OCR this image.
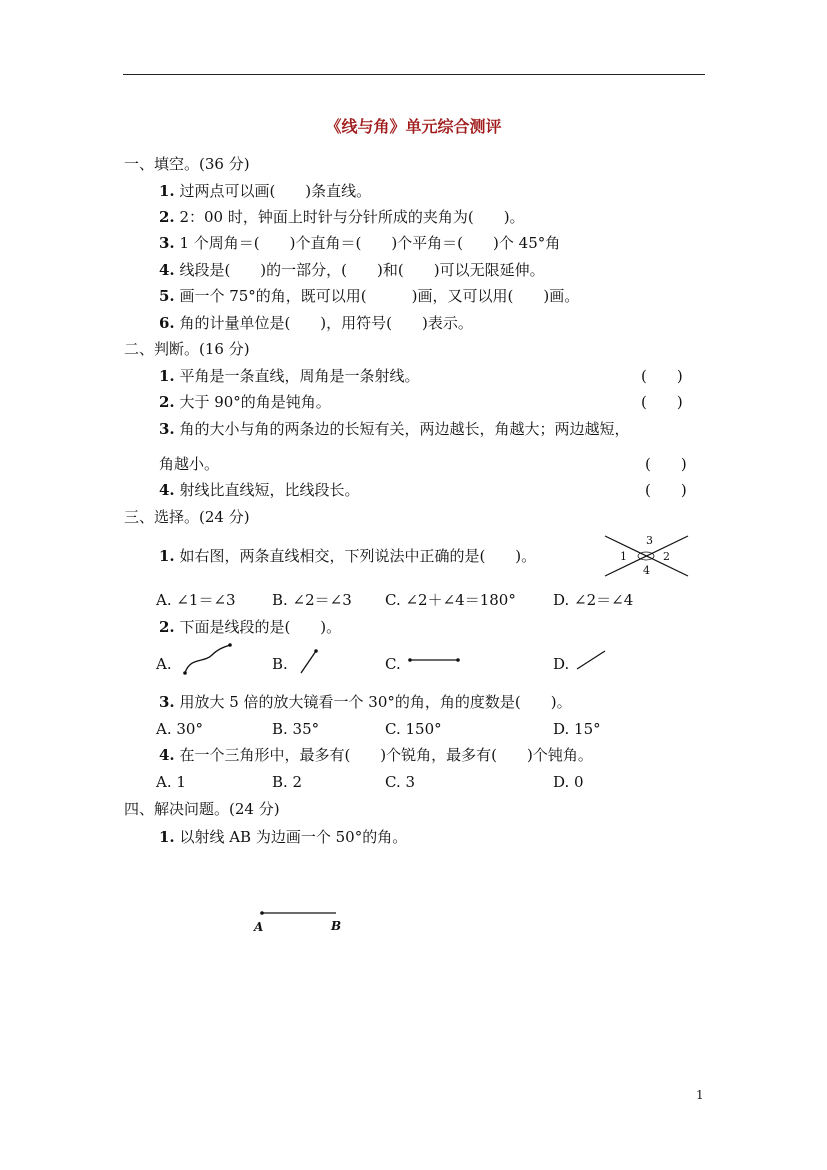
《线与角》单元综合测评
一、填空。(36 分)
1. 过两点可以画(　　)条直线。
2. 2：00 时，钟面上时针与分针所成的夹角为(　　)。
3. 1 个周角＝(　　)个直角＝(　　)个平角＝(　　)个 45°角
4. 线段是(　　)的一部分，(　　)和(　　)可以无限延伸。
5. 画一个 75°的角，既可以用(　　　)画，又可以用(　　)画。
6. 角的计量单位是(　　)，用符号(　　)表示。
二、判断。(16 分)
1. 平角是一条直线，周角是一条射线。	(　　)
2. 大于 90°的角是钝角。	(　　)
3. 角的大小与角的两条边的长短有关，两边越长，角越大；两边越短，
角越小。	(　　)
4. 射线比直线短，比线段长。	(　　)
三、选择。(24 分)
1. 如右图，两条直线相交，下列说法中正确的是(　　)。	1	2
3
4
A. ∠1＝∠3 B. ∠2＝∠3 C. ∠2＋∠4＝180° D. ∠2＝∠4
2. 下面是线段的是(　　)。
A.	B.	C.	D.
3. 用放大 5 倍的放大镜看一个 30°的角，角的度数是(　　)。
A. 30°	B. 35°	C. 150°	D. 15°
4. 在一个三角形中，最多有(　　)个锐角，最多有(　　)个钝角。
A. 1	B. 2	C. 3	D. 0
四、解决问题。(24 分)
1. 以射线 AB 为边画一个 50°的角。
A	B
1
